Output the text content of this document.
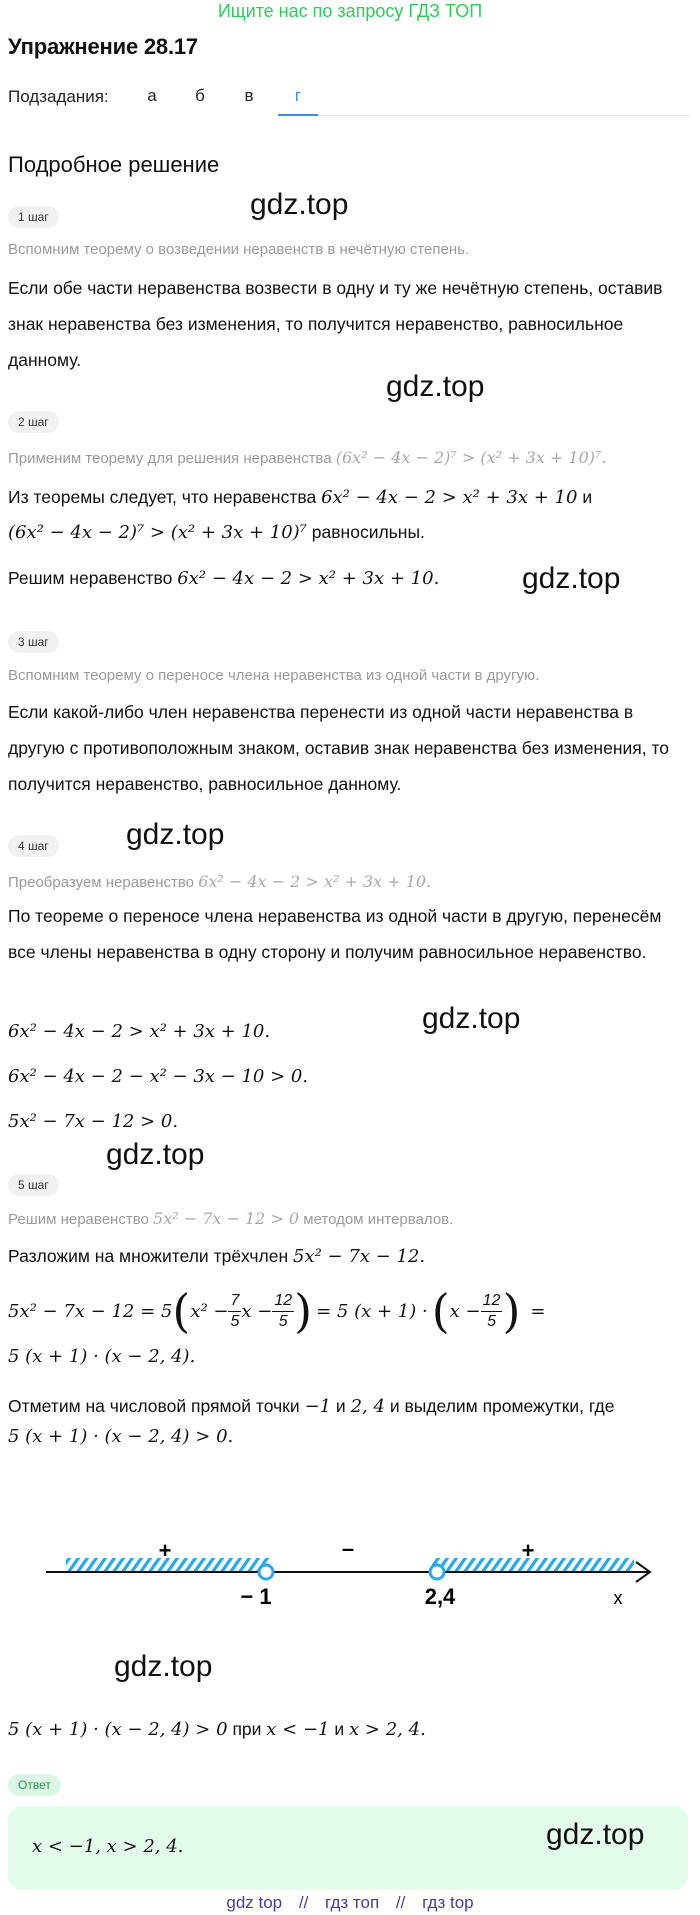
Ищите нас по запросу ГДЗ ТОП
Упражнение 28.17
Подзадания:	а	б	в	г
Подробное решение
1 шаг	gdz.top
Вспомним теорему о возведении неравенств в нечётную степень.
Если обе части неравенства возвести в одну и ту же нечётную степень, оставив знак неравенства без изменения, то получится неравенство, равносильное данному.
gdz.top
2 шаг
Применим теорему для решения неравенства (6x² − 4x − 2)⁷ > (x² + 3x + 10)⁷.
Из теоремы следует, что неравенства 6x² − 4x − 2 > x² + 3x + 10 и
(6x² − 4x − 2)⁷ > (x² + 3x + 10)⁷ равносильны.
Решим неравенство 6x² − 4x − 2 > x² + 3x + 10.	gdz.top
3 шаг
Вспомним теорему о переносе члена неравенства из одной части в другую.
Если какой-либо член неравенства перенести из одной части неравенства в другую с противоположным знаком, оставив знак неравенства без изменения, то получится неравенство, равносильное данному.
4 шаг	gdz.top
Преобразуем неравенство 6x² − 4x − 2 > x² + 3x + 10.
По теореме о переносе члена неравенства из одной части в другую, перенесём все члены неравенства в одну сторону и получим равносильное неравенство.
gdz.top
6x² − 4x − 2 > x² + 3x + 10.
6x² − 4x − 2 − x² − 3x − 10 > 0.
5x² − 7x − 12 > 0.
gdz.top
5 шаг
Решим неравенство 5x² − 7x − 12 > 0 методом интервалов.
Разложим на множители трёхчлен 5x² − 7x − 12.
5x² − 7x − 12 = 5 ( $x^2 - \frac{7}{5}$ $x - \frac{12}{5}$ ) = 5 (x + 1) · ( $x - \frac{12}{5}$ ) =
5 (x + 1) · (x − 2, 4).
Отметим на числовой прямой точки −1 и 2, 4 и выделим промежутки, где
5 (x + 1) · (x − 2, 4) > 0.
+	–	+
− 1	2,4	x
gdz.top
5 (x + 1) · (x − 2, 4) > 0 при x < −1 и x > 2, 4.
Ответ
x < −1, x > 2, 4.	gdz.top
gdz top // гдз топ // гдз top
